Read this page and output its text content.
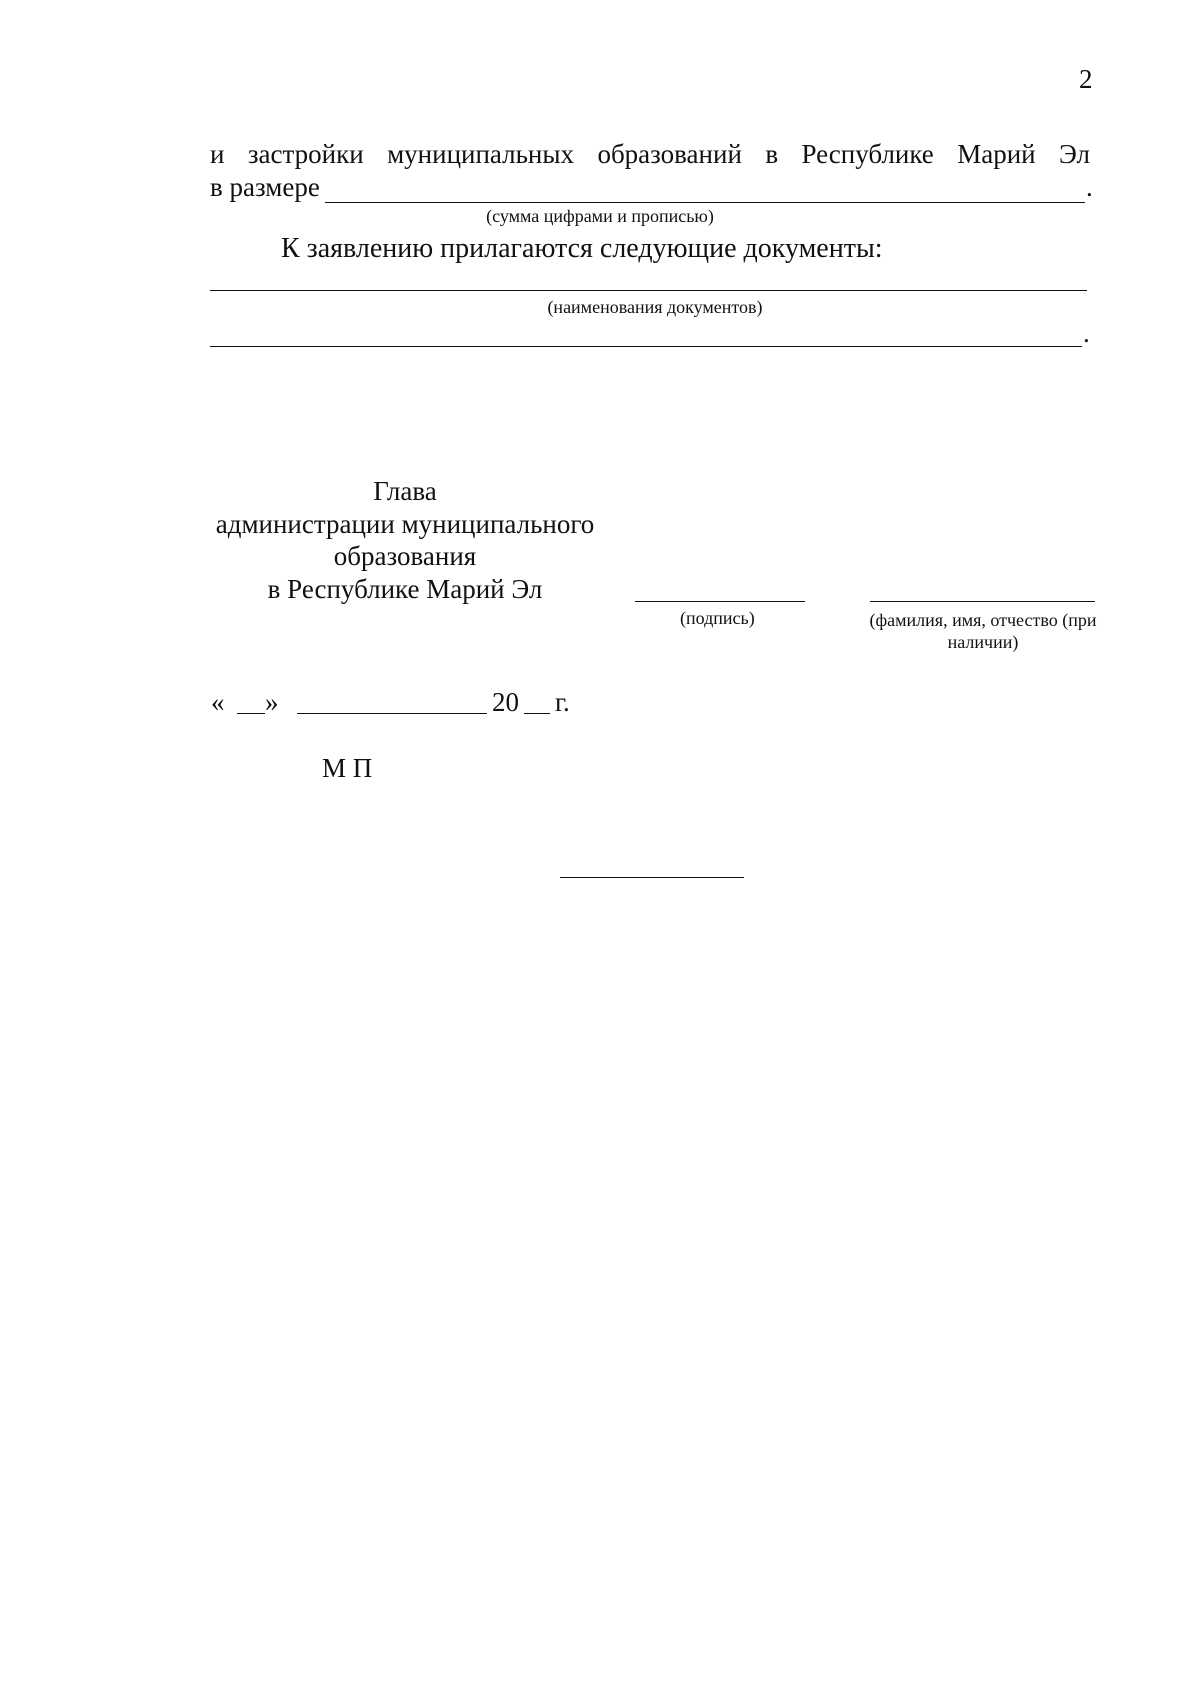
2
и застройки муниципальных образований в Республике Марий Эл
в размере	.
(сумма цифрами и прописью)
К заявлению прилагаются следующие документы:
(наименования документов)
.
Глава
администрации муниципального
образования
в Республике Марий Эл
(подпись)	(фамилия, имя, отчество (при наличии)
« »	20 г.
М П
